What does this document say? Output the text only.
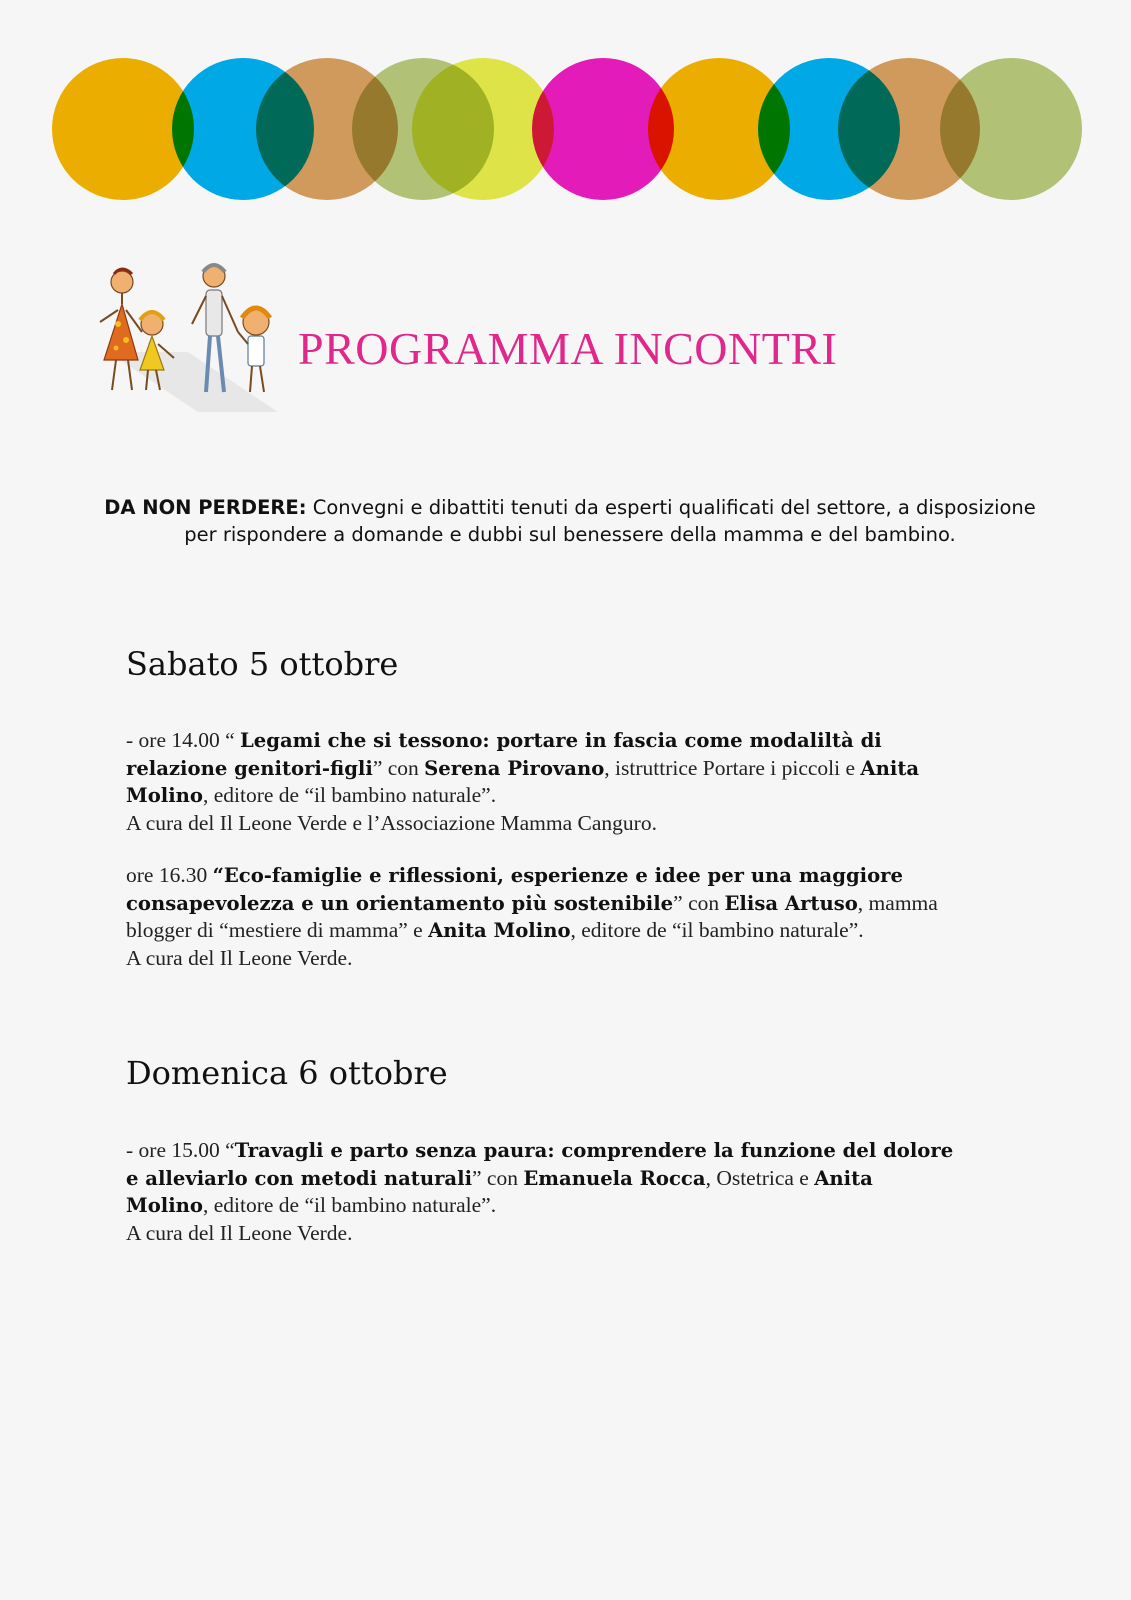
PROGRAMMA INCONTRI

DA NON PERDERE: Convegni e dibattiti tenuti da esperti qualificati del settore, a disposizione per rispondere a domande e dubbi sul benessere della mamma e del bambino.

Sabato 5 ottobre
- ore 14.00 “ Legami che si tessono: portare in fascia come modaliltà di relazione genitori-figli” con Serena Pirovano, istruttrice Portare i piccoli e Anita Molino, editore de “il bambino naturale”.
A cura del Il Leone Verde e l’Associazione Mamma Canguro.
ore 16.30 “Eco-famiglie e riflessioni, esperienze e idee per una maggiore consapevolezza e un orientamento più sostenibile” con Elisa Artuso, mamma blogger di “mestiere di mamma” e Anita Molino, editore de “il bambino naturale”.
A cura del Il Leone Verde.
Domenica 6 ottobre
- ore 15.00 “Travagli e parto senza paura: comprendere la funzione del dolore e alleviarlo con metodi naturali” con Emanuela Rocca, Ostetrica e Anita Molino, editore de “il bambino naturale”.
A cura del Il Leone Verde.
